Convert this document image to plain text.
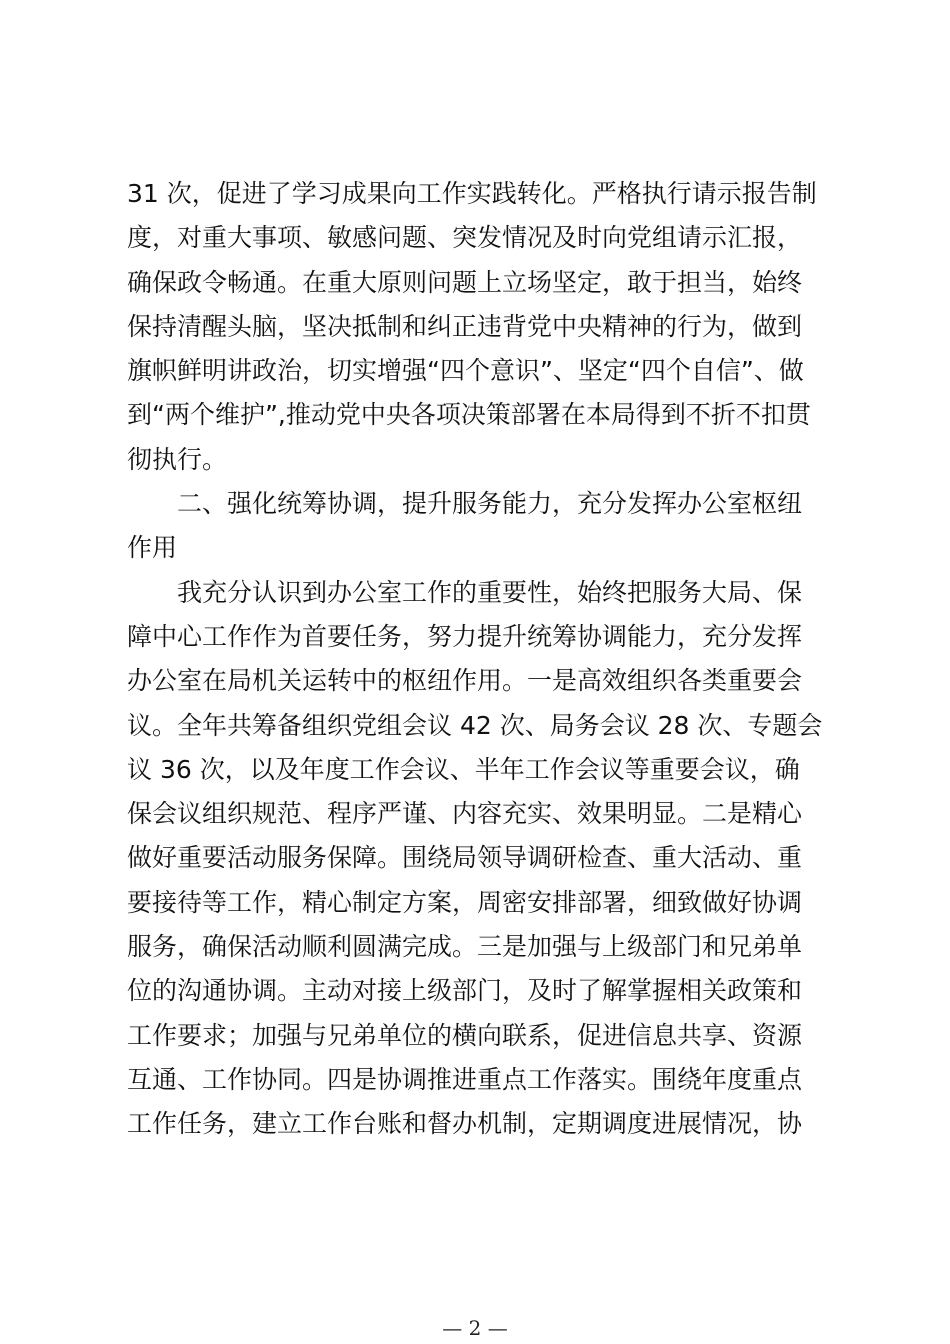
31 次，促进了学习成果向工作实践转化。严格执行请示报告制
度，对重大事项、敏感问题、突发情况及时向党组请示汇报，
确保政令畅通。在重大原则问题上立场坚定，敢于担当，始终
保持清醒头脑，坚决抵制和纠正违背党中央精神的行为，做到
旗帜鲜明讲政治，切实增强“四个意识”、坚定“四个自信”、做
到“两个维护”,推动党中央各项决策部署在本局得到不折不扣贯
彻执行。
二、强化统筹协调，提升服务能力，充分发挥办公室枢纽
作用
我充分认识到办公室工作的重要性，始终把服务大局、保
障中心工作作为首要任务，努力提升统筹协调能力，充分发挥
办公室在局机关运转中的枢纽作用。一是高效组织各类重要会
议。全年共筹备组织党组会议 42 次、局务会议 28 次、专题会
议 36 次，以及年度工作会议、半年工作会议等重要会议，确
保会议组织规范、程序严谨、内容充实、效果明显。二是精心
做好重要活动服务保障。围绕局领导调研检查、重大活动、重
要接待等工作，精心制定方案，周密安排部署，细致做好协调
服务，确保活动顺利圆满完成。三是加强与上级部门和兄弟单
位的沟通协调。主动对接上级部门，及时了解掌握相关政策和
工作要求；加强与兄弟单位的横向联系，促进信息共享、资源
互通、工作协同。四是协调推进重点工作落实。围绕年度重点
工作任务，建立工作台账和督办机制，定期调度进展情况，协
— 2 —
